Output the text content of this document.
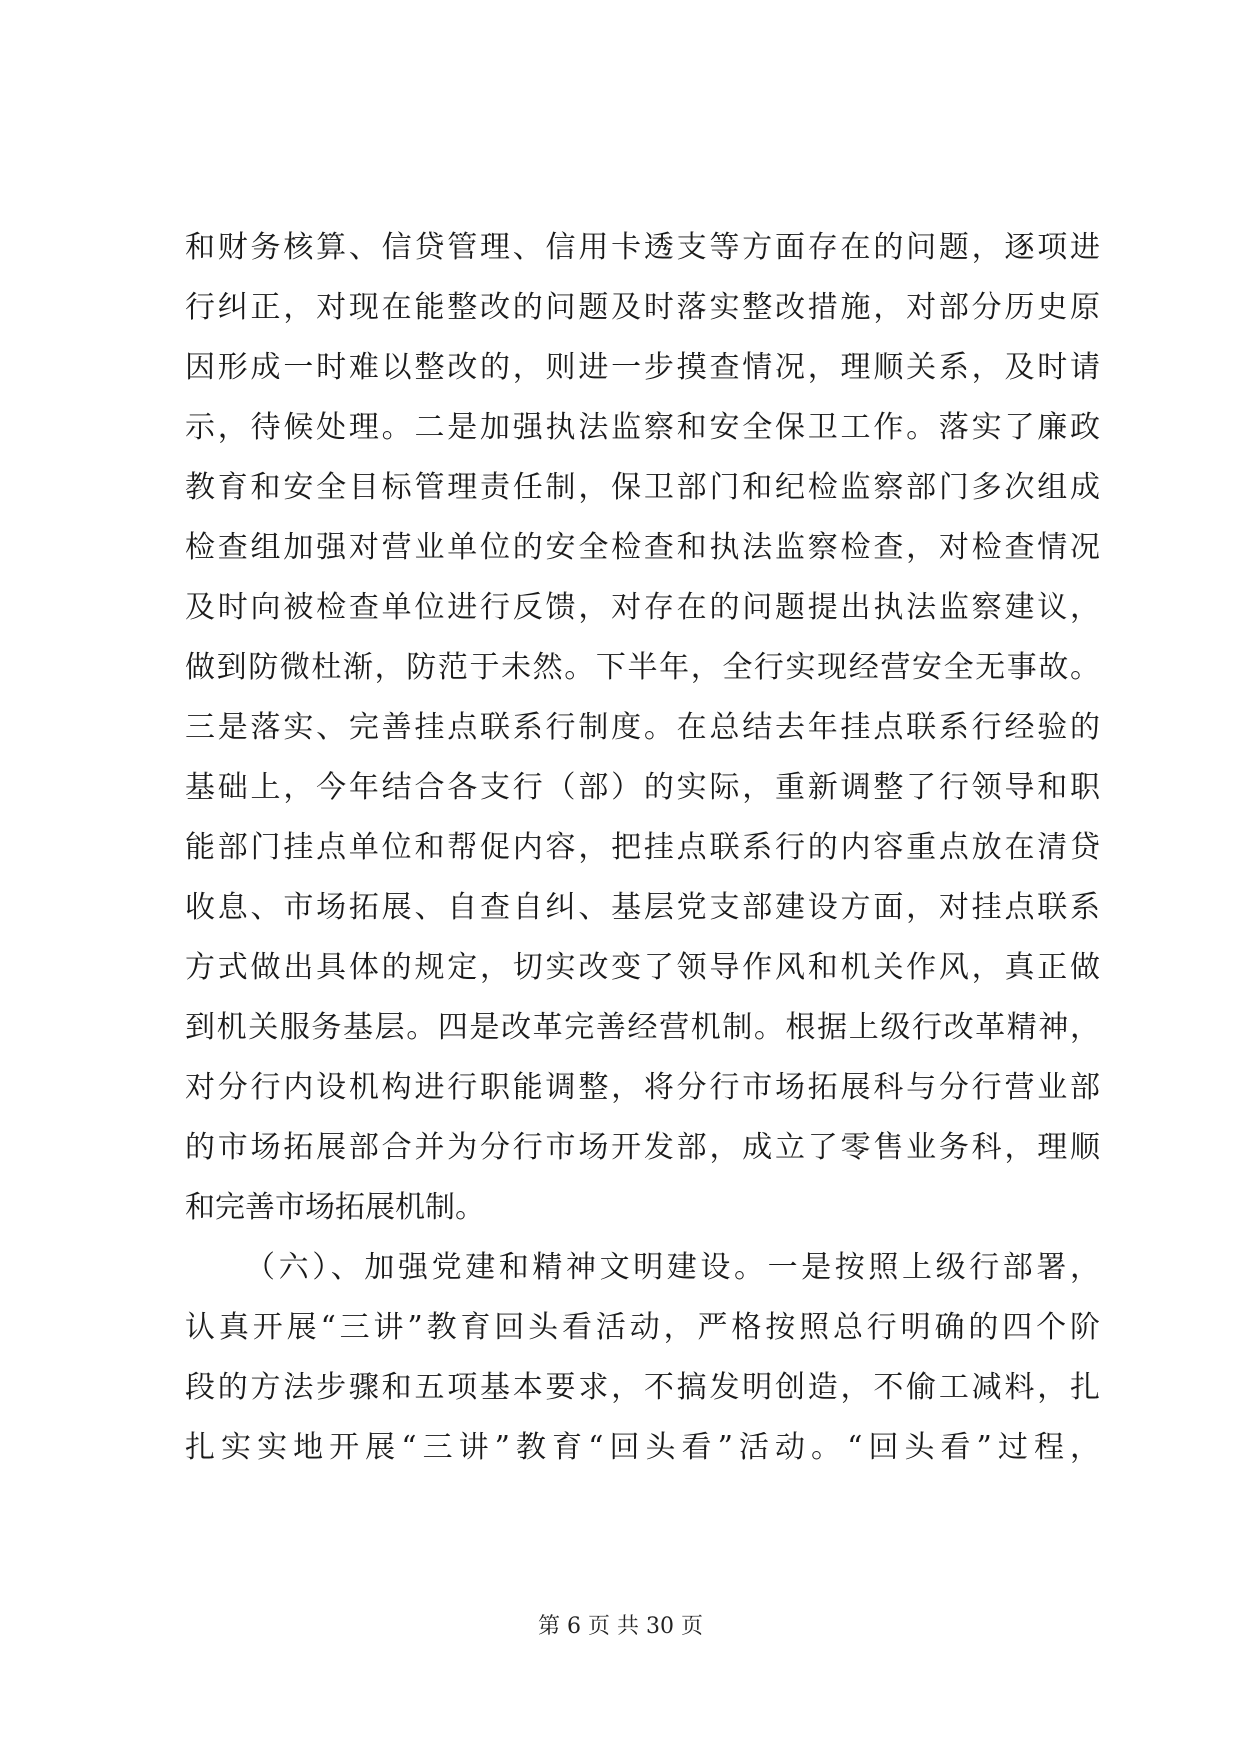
和财务核算、信贷管理、信用卡透支等方面存在的问题，逐项进
行纠正，对现在能整改的问题及时落实整改措施，对部分历史原
因形成一时难以整改的，则进一步摸查情况，理顺关系，及时请
示，待候处理。二是加强执法监察和安全保卫工作。落实了廉政
教育和安全目标管理责任制，保卫部门和纪检监察部门多次组成
检查组加强对营业单位的安全检查和执法监察检查，对检查情况
及时向被检查单位进行反馈，对存在的问题提出执法监察建议，
做到防微杜渐，防范于未然。下半年，全行实现经营安全无事故。
三是落实、完善挂点联系行制度。在总结去年挂点联系行经验的
基础上，今年结合各支行（部）的实际，重新调整了行领导和职
能部门挂点单位和帮促内容，把挂点联系行的内容重点放在清贷
收息、市场拓展、自查自纠、基层党支部建设方面，对挂点联系
方式做出具体的规定，切实改变了领导作风和机关作风，真正做
到机关服务基层。四是改革完善经营机制。根据上级行改革精神，
对分行内设机构进行职能调整，将分行市场拓展科与分行营业部
的市场拓展部合并为分行市场开发部，成立了零售业务科，理顺
和完善市场拓展机制。
（六）、加强党建和精神文明建设。一是按照上级行部署，
认真开展“三讲”教育回头看活动，严格按照总行明确的四个阶
段的方法步骤和五项基本要求，不搞发明创造，不偷工减料，扎
扎实实地开展“三讲”教育“回头看”活动。“回头看”过程，
第 6 页 共 30 页
